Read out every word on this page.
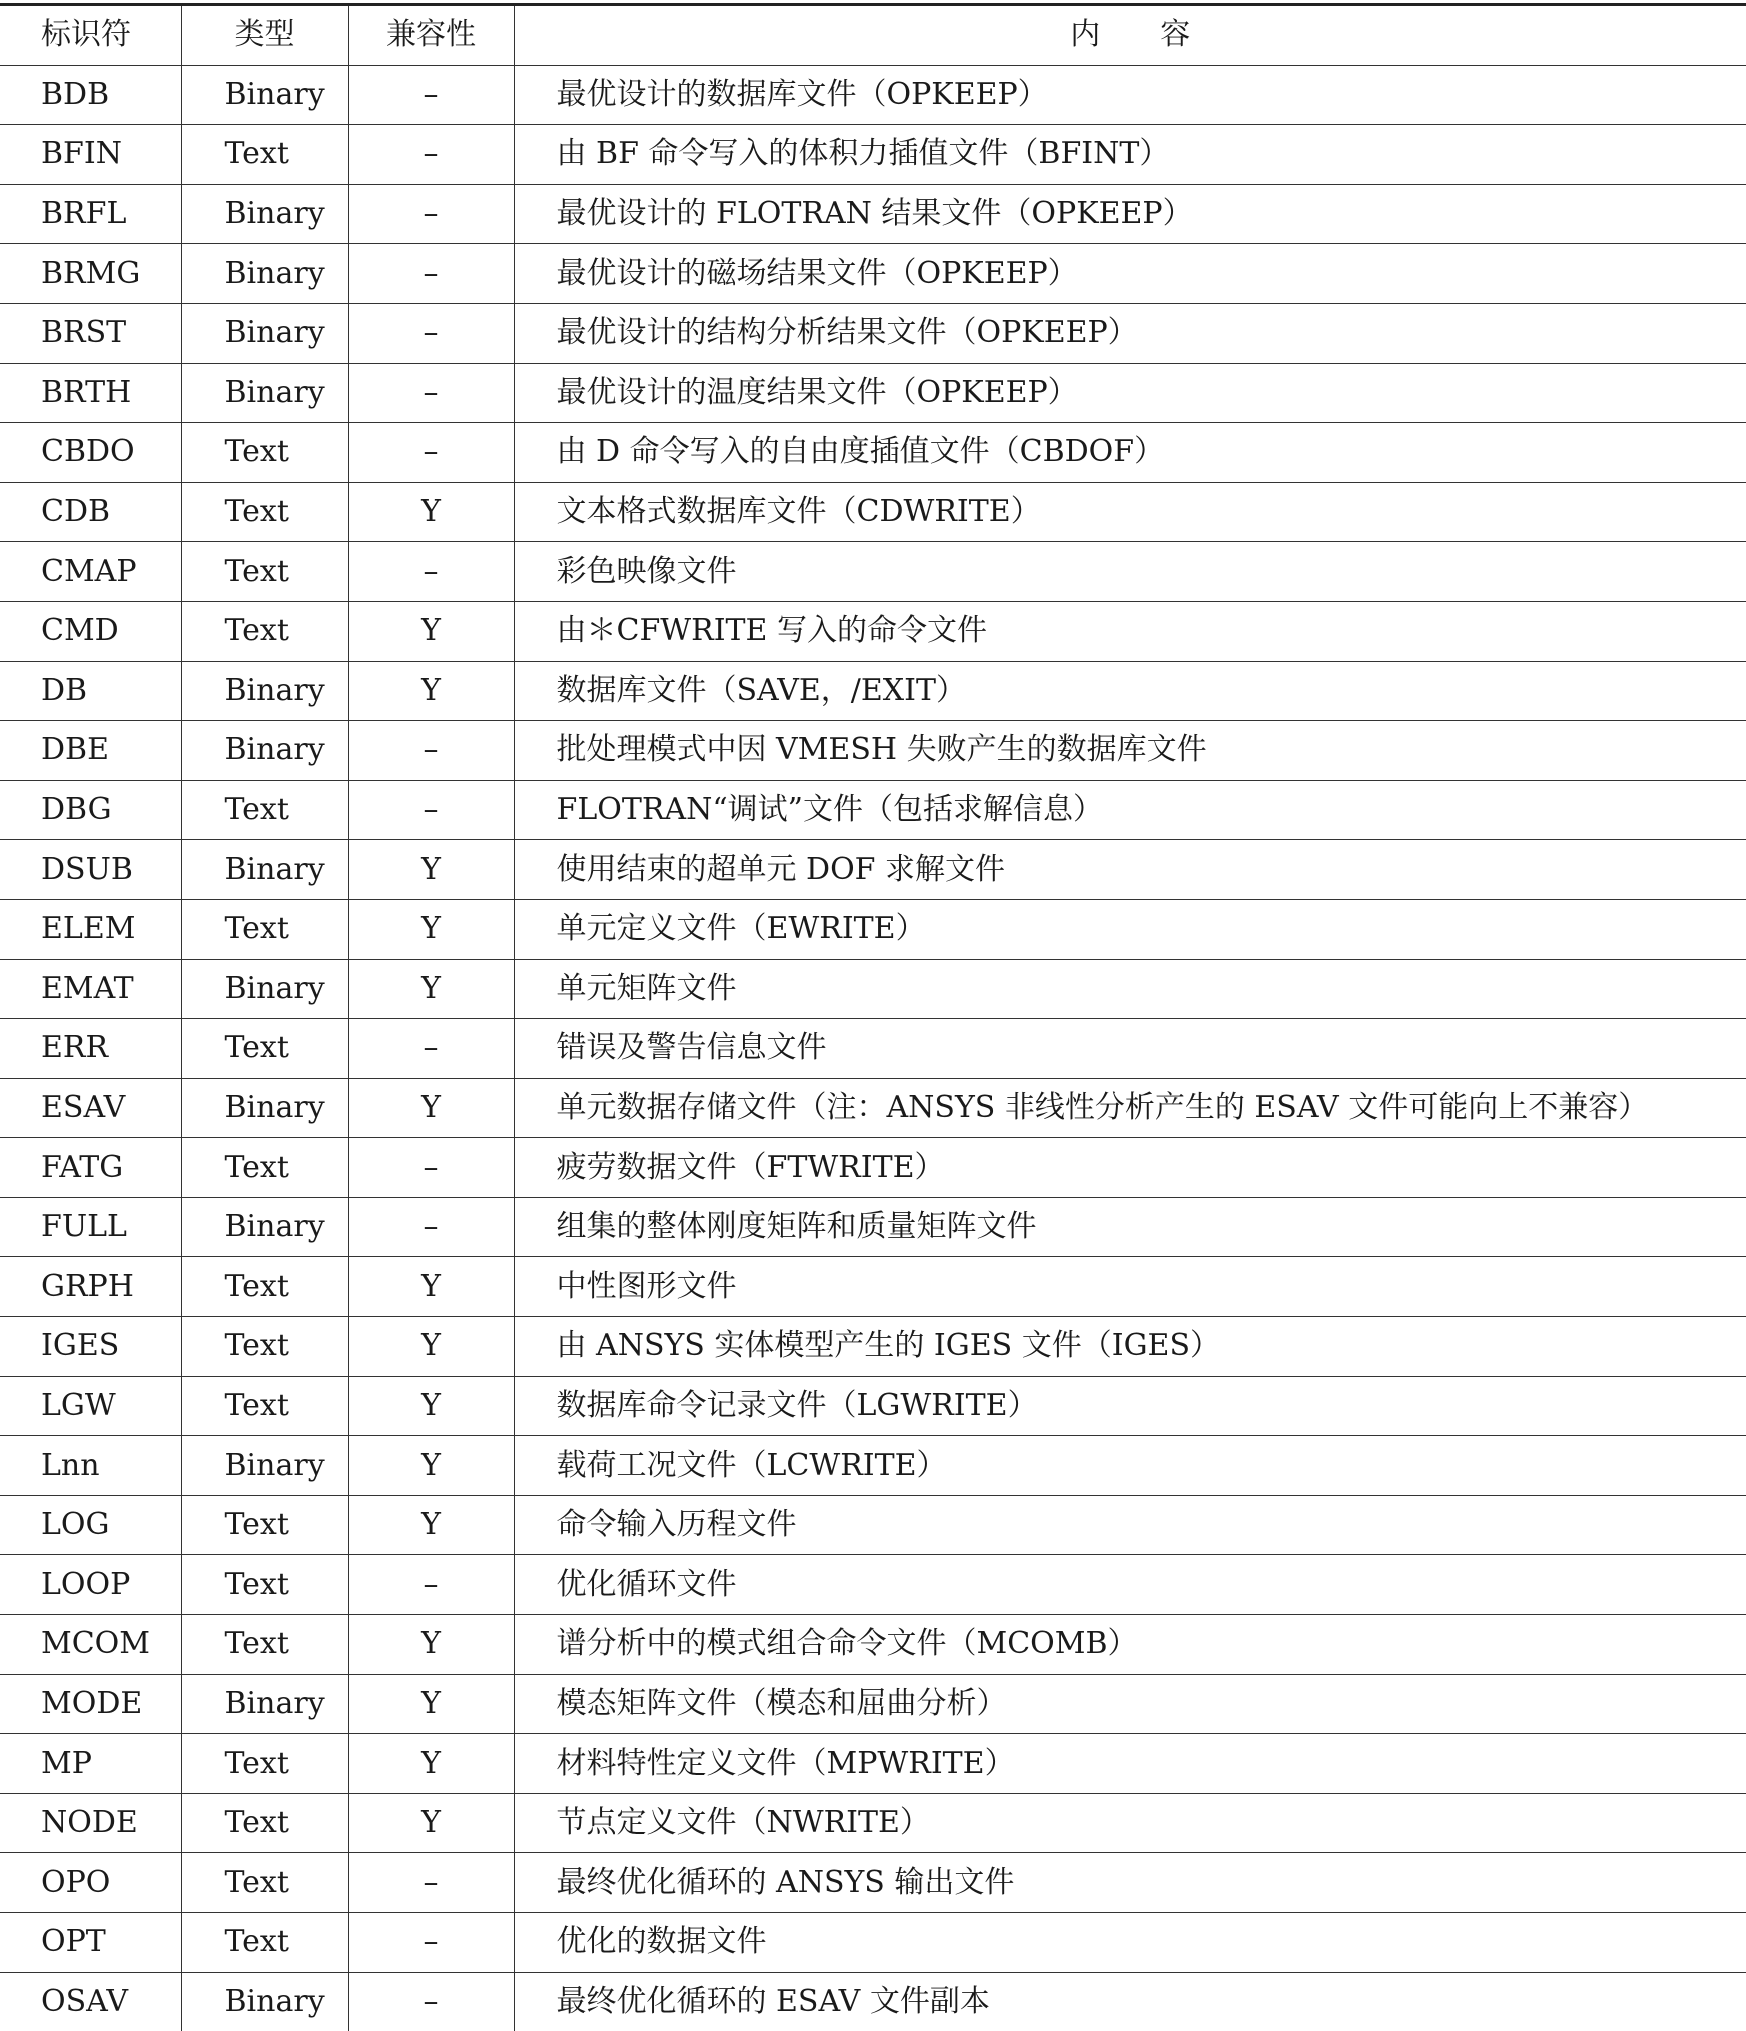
标识符	类型	兼容性	内　　容
BDB	Binary	–	最优设计的数据库文件（OPKEEP）
BFIN	Text	–	由 BF 命令写入的体积力插值文件（BFINT）
BRFL	Binary	–	最优设计的 FLOTRAN 结果文件（OPKEEP）
BRMG	Binary	–	最优设计的磁场结果文件（OPKEEP）
BRST	Binary	–	最优设计的结构分析结果文件（OPKEEP）
BRTH	Binary	–	最优设计的温度结果文件（OPKEEP）
CBDO	Text	–	由 D 命令写入的自由度插值文件（CBDOF）
CDB	Text	Y	文本格式数据库文件（CDWRITE）
CMAP	Text	–	彩色映像文件
CMD	Text	Y	由＊CFWRITE 写入的命令文件
DB	Binary	Y	数据库文件（SAVE，/EXIT）
DBE	Binary	–	批处理模式中因 VMESH 失败产生的数据库文件
DBG	Text	–	FLOTRAN“调试”文件（包括求解信息）
DSUB	Binary	Y	使用结束的超单元 DOF 求解文件
ELEM	Text	Y	单元定义文件（EWRITE）
EMAT	Binary	Y	单元矩阵文件
ERR	Text	–	错误及警告信息文件
ESAV	Binary	Y	单元数据存储文件（注：ANSYS 非线性分析产生的 ESAV 文件可能向上不兼容）
FATG	Text	–	疲劳数据文件（FTWRITE）
FULL	Binary	–	组集的整体刚度矩阵和质量矩阵文件
GRPH	Text	Y	中性图形文件
IGES	Text	Y	由 ANSYS 实体模型产生的 IGES 文件（IGES）
LGW	Text	Y	数据库命令记录文件（LGWRITE）
Lnn	Binary	Y	载荷工况文件（LCWRITE）
LOG	Text	Y	命令输入历程文件
LOOP	Text	–	优化循环文件
MCOM	Text	Y	谱分析中的模式组合命令文件（MCOMB）
MODE	Binary	Y	模态矩阵文件（模态和屈曲分析）
MP	Text	Y	材料特性定义文件（MPWRITE）
NODE	Text	Y	节点定义文件（NWRITE）
OPO	Text	–	最终优化循环的 ANSYS 输出文件
OPT	Text	–	优化的数据文件
OSAV	Binary	–	最终优化循环的 ESAV 文件副本
